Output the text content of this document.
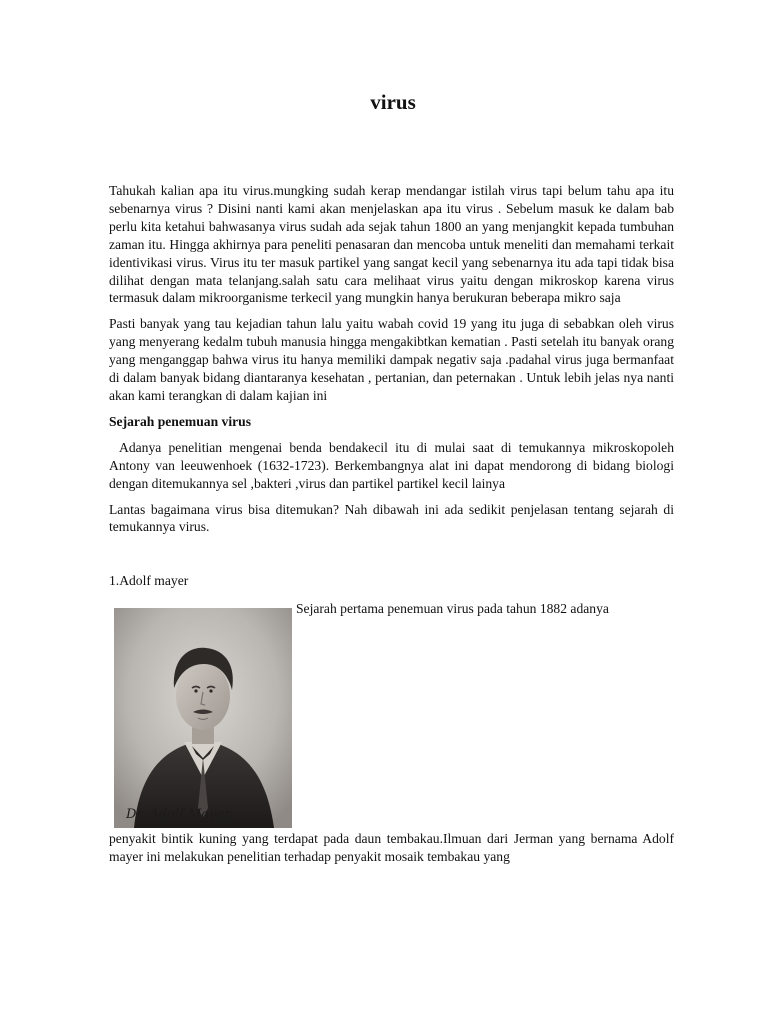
virus

Tahukah kalian apa itu virus.mungking sudah kerap mendangar istilah virus tapi belum tahu apa itu sebenarnya virus ? Disini nanti kami akan menjelaskan apa itu virus . Sebelum masuk ke dalam bab perlu kita ketahui bahwasanya virus sudah ada sejak tahun 1800 an yang menjangkit kepada tumbuhan zaman itu. Hingga akhirnya para peneliti penasaran dan mencoba untuk meneliti dan memahami terkait identivikasi virus. Virus itu ter masuk partikel yang sangat kecil yang sebenarnya itu ada tapi tidak bisa dilihat dengan mata telanjang.salah satu cara melihaat virus yaitu dengan mikroskop karena virus termasuk dalam mikroorganisme terkecil yang mungkin hanya berukuran beberapa mikro saja

Pasti banyak yang tau kejadian tahun lalu yaitu wabah covid 19 yang itu juga di sebabkan oleh virus yang menyerang kedalm tubuh manusia hingga mengakibtkan kematian . Pasti setelah itu banyak orang yang menganggap bahwa virus itu hanya memiliki dampak negativ saja .padahal virus juga bermanfaat di dalam banyak bidang diantaranya kesehatan , pertanian, dan peternakan . Untuk lebih jelas nya nanti akan kami terangkan di dalam kajian ini

Sejarah penemuan virus

Adanya penelitian mengenai benda bendakecil itu di mulai saat di temukannya mikroskopoleh Antony van leeuwenhoek (1632-1723). Berkembangnya alat ini dapat mendorong di bidang biologi dengan ditemukannya sel ,bakteri ,virus dan partikel partikel kecil lainya

Lantas bagaimana virus bisa ditemukan? Nah dibawah ini ada sedikit penjelasan tentang sejarah di temukannya virus.

1.Adolf mayer

Sejarah pertama penemuan virus pada tahun 1882 adanya
Dr. Adolf Mayer

penyakit bintik kuning yang terdapat pada daun tembakau.Ilmuan dari Jerman yang bernama Adolf mayer ini melakukan penelitian terhadap penyakit mosaik tembakau yang
